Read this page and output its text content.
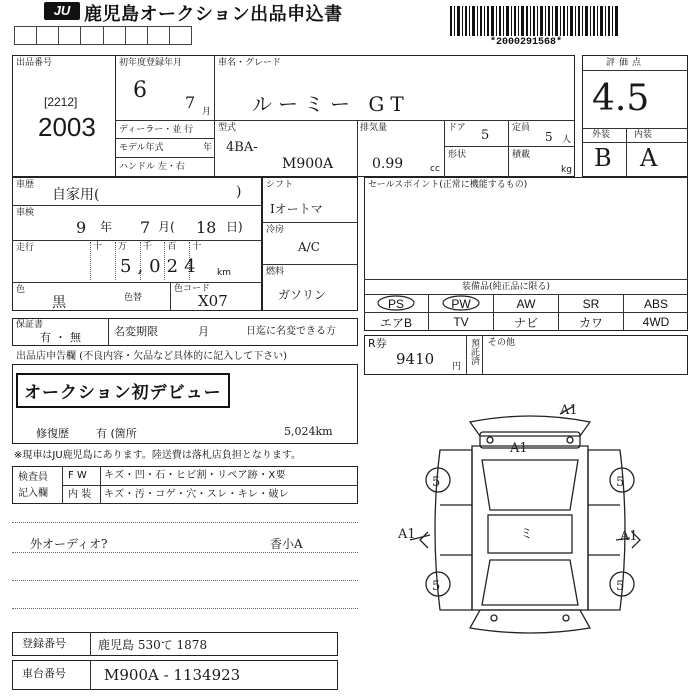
JU 鹿児島オークション出品申込書
*2000291568*
出品番号
[2212]
2003
初年度登録年月
6 7 月
車名・グレード
ルーミー GT
ディーラー・並 行
モデル年式	年
ハンドル 左・右
型式
4BA-
M900A
排気量
0.99	cc
ドア 5	定員
5 人
形状	積載
kg
評価点
4.5
外装	内装
B A
車歴
自家用(	)
車検
9 年 7 月( 18 日)
走行	十 万 千 百 十
5,024 km
色
黒	色替
色コード
X07
シフト
Iオートマ
冷房
A/C
燃料
ガソリン
セールスポイント(正常に機能するもの)
装備品(純正品に限る)
PS	PW	AW	SR	ABS
エアB	TV	ナビ	カワ	4WD
保証書
有・無	名変期限	月	日迄に名変できる方
R券
9410 円
預託済 その他
出品店申告欄 (不良内容・欠品など具体的に記入して下さい)
オークション初デビュー
修復歴 有 (箇所	5,024km
※現車はJU鹿児島にあります。陸送費は落札店負担となります。
検査員
記入欄
F W キズ・凹・石・ヒビ割・リペア跡・X要
内 装 キズ・汚・コゲ・穴・スレ・キレ・破レ
外オーディオ?	香小A
A1
A1
ミ
A1	A1
5	5
5	5
登録番号	鹿児島 530て 1878
車台番号	M900A - 1134923
